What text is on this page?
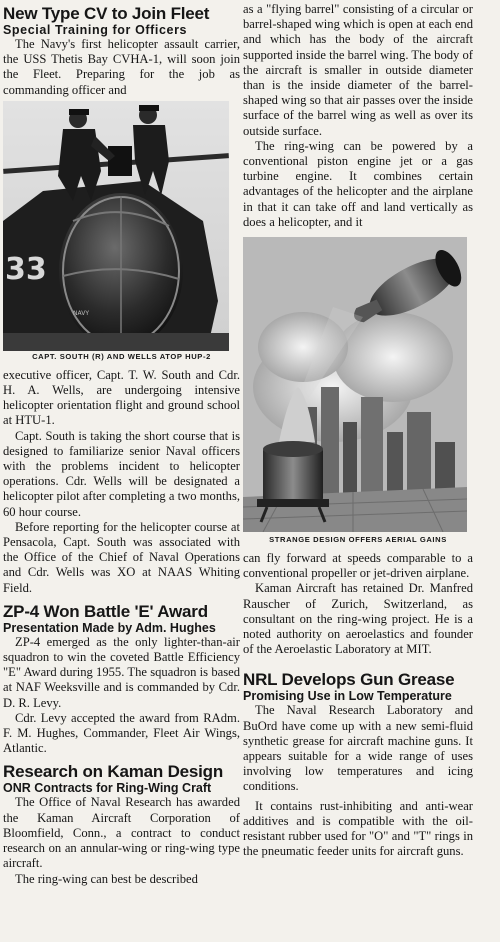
New Type CV to Join Fleet
Special Training for Officers

The Navy's first helicopter assault carrier, the USS Thetis Bay CVHA-1, will soon join the Fleet. Preparing for the job as commanding officer and

33
NAVY

CAPT. SOUTH (R) AND WELLS ATOP HUP-2

executive officer, Capt. T. W. South and Cdr. H. A. Wells, are undergoing intensive helicopter orientation flight and ground school at HTU-1.

Capt. South is taking the short course that is designed to familiarize senior Naval officers with the problems incident to helicopter operations. Cdr. Wells will be designated a helicopter pilot after completing a two months, 60 hour course.

Before reporting for the helicopter course at Pensacola, Capt. South was associated with the Office of the Chief of Naval Operations and Cdr. Wells was XO at NAAS Whiting Field.

ZP-4 Won Battle 'E' Award
Presentation Made by Adm. Hughes

ZP-4 emerged as the only lighter-than-air squadron to win the coveted Battle Efficiency "E" Award during 1955. The squadron is based at NAF Weeksville and is commanded by Cdr. D. R. Levy.

Cdr. Levy accepted the award from RAdm. F. M. Hughes, Commander, Fleet Air Wings, Atlantic.

Research on Kaman Design
ONR Contracts for Ring-Wing Craft

The Office of Naval Research has awarded the Kaman Aircraft Corporation of Bloomfield, Conn., a contract to conduct research on an annular-wing or ring-wing type aircraft.

The ring-wing can best be described

as a "flying barrel" consisting of a circular or barrel-shaped wing which is open at each end and which has the body of the aircraft supported inside the barrel wing. The body of the aircraft is smaller in outside diameter than is the inside diameter of the barrel-shaped wing so that air passes over the inside surface of the barrel wing as well as over its outside surface.

The ring-wing can be powered by a conventional piston engine jet or a gas turbine engine. It combines certain advantages of the helicopter and the airplane in that it can take off and land vertically as does a helicopter, and it

STRANGE DESIGN OFFERS AERIAL GAINS

can fly forward at speeds comparable to a conventional propeller or jet-driven airplane.

Kaman Aircraft has retained Dr. Manfred Rauscher of Zurich, Switzerland, as consultant on the ring-wing project. He is a noted authority on aeroelastics and founder of the Aeroelastic Laboratory at MIT.

NRL Develops Gun Grease
Promising Use in Low Temperature

The Naval Research Laboratory and BuOrd have come up with a new semi-fluid synthetic grease for aircraft machine guns. It appears suitable for a wide range of uses involving low temperatures and icing conditions.

It contains rust-inhibiting and anti-wear additives and is compatible with the oil-resistant rubber used for "O" and "T" rings in the pneumatic feeder units for aircraft guns.
